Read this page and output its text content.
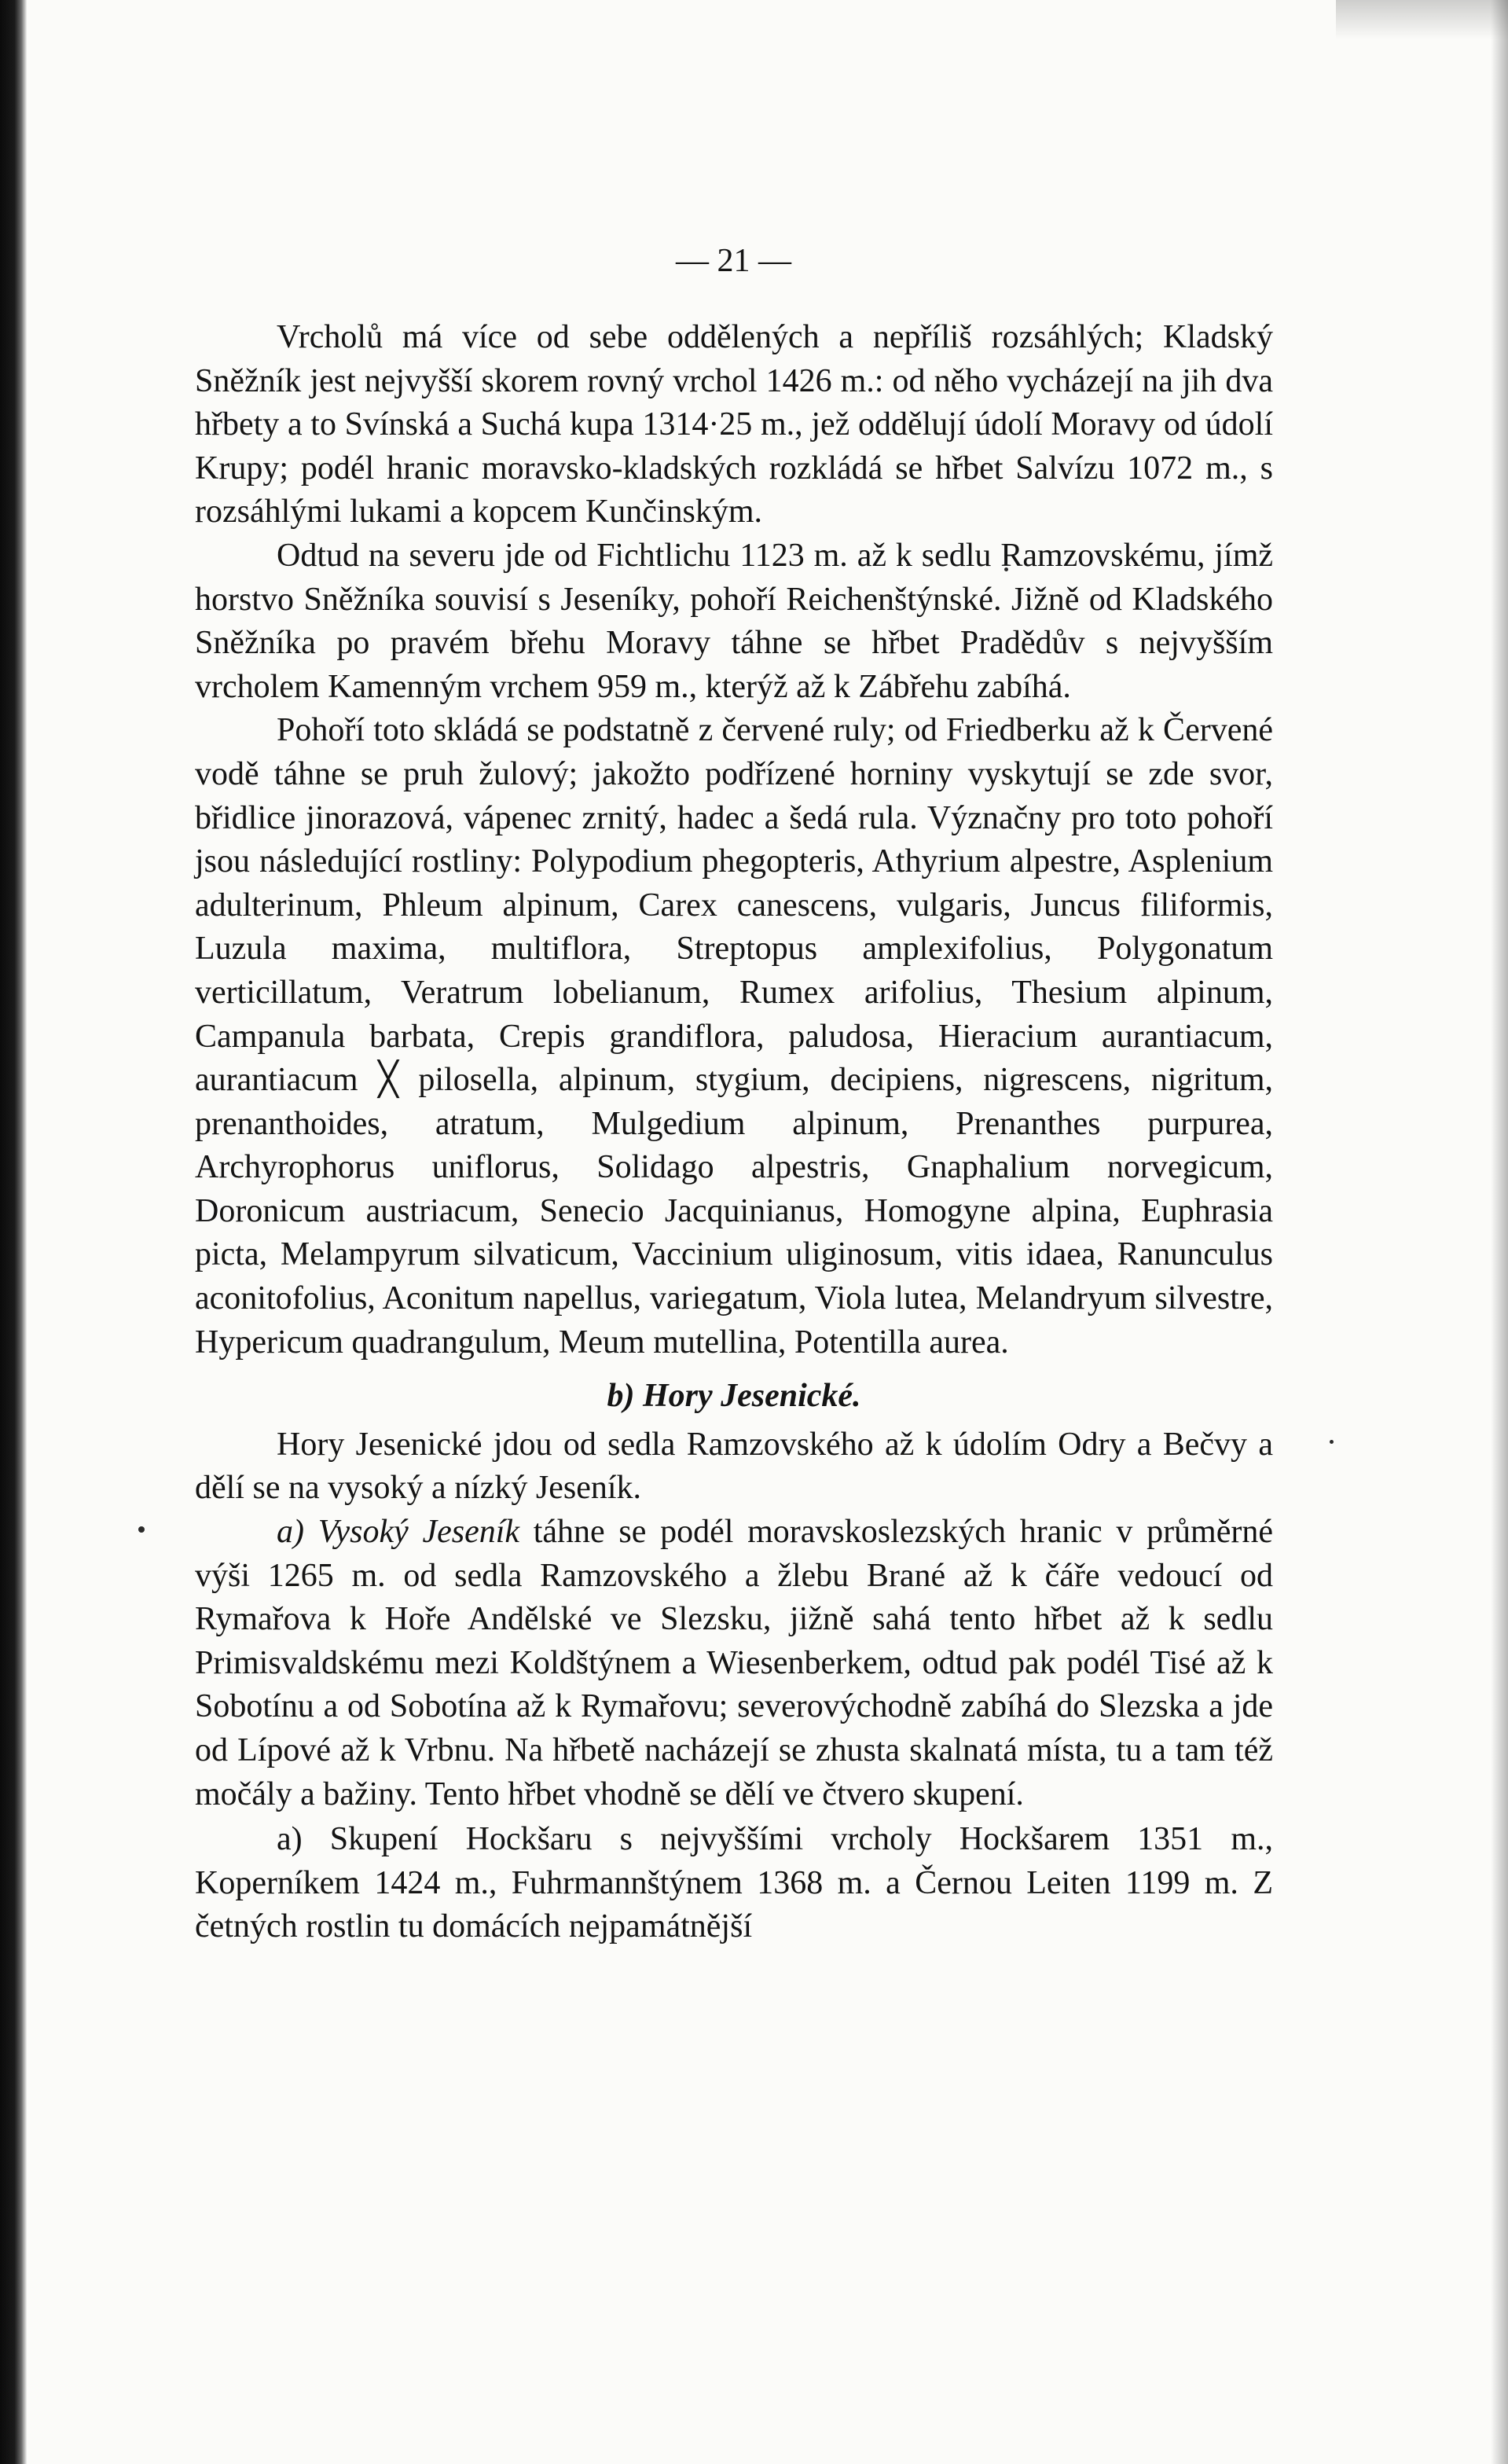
— 21 —

Vrcholů má více od sebe oddělených a nepříliš rozsáhlých; Kladský Sněžník jest nejvyšší skorem rovný vrchol 1426 m.: od něho vycházejí na jih dva hřbety a to Svínská a Suchá kupa 1314·25 m., jež oddělují údolí Moravy od údolí Krupy; podél hranic moravsko-kladských rozkládá se hřbet Salvízu 1072 m., s rozsáhlými lukami a kopcem Kunčinským.

Odtud na severu jde od Fichtlichu 1123 m. až k sedlu Ramzovskému, jímž horstvo Sněžníka souvisí s Jeseníky, pohoří Reichenštýnské. Jižně od Kladského Sněžníka po pravém břehu Moravy táhne se hřbet Pradědův s nejvyšším vrcholem Kamenným vrchem 959 m., kterýž až k Zábřehu zabíhá.

Pohoří toto skládá se podstatně z červené ruly; od Friedberku až k Červené vodě táhne se pruh žulový; jakožto podřízené horniny vyskytují se zde svor, břidlice jinorazová, vápenec zrnitý, hadec a šedá rula. Význačny pro toto pohoří jsou následující rostliny: Polypodium phegopteris, Athyrium alpestre, Asplenium adulterinum, Phleum alpinum, Carex canescens, vulgaris, Juncus filiformis, Luzula maxima, multiflora, Streptopus amplexifolius, Polygonatum verticillatum, Veratrum lobelianum, Rumex arifolius, Thesium alpinum, Campanula barbata, Crepis grandiflora, paludosa, Hieracium aurantiacum, aurantiacum ╳ pilosella, alpinum, stygium, decipiens, nigrescens, nigritum, prenanthoides, atratum, Mulgedium alpinum, Prenanthes purpurea, Archyrophorus uniflorus, Solidago alpestris, Gnaphalium norvegicum, Doronicum austriacum, Senecio Jacquinianus, Homogyne alpina, Euphrasia picta, Melampyrum silvaticum, Vaccinium uliginosum, vitis idaea, Ranunculus aconitofolius, Aconitum napellus, variegatum, Viola lutea, Melandryum silvestre, Hypericum quadrangulum, Meum mutellina, Potentilla aurea.

b) Hory Jesenické.

Hory Jesenické jdou od sedla Ramzovského až k údolím Odry a Bečvy a dělí se na vysoký a nízký Jeseník.

a) Vysoký Jeseník táhne se podél moravskoslezských hranic v průměrné výši 1265 m. od sedla Ramzovského a žlebu Brané až k čáře vedoucí od Rymařova k Hoře Andělské ve Slezsku, jižně sahá tento hřbet až k sedlu Primisvaldskému mezi Koldštýnem a Wiesenberkem, odtud pak podél Tisé až k Sobotínu a od Sobotína až k Rymařovu; severovýchodně zabíhá do Slezska a jde od Lípové až k Vrbnu. Na hřbetě nacházejí se zhusta skalnatá místa, tu a tam též močály a bažiny. Tento hřbet vhodně se dělí ve čtvero skupení.

a) Skupení Hockšaru s nejvyššími vrcholy Hockšarem 1351 m., Koperníkem 1424 m., Fuhrmannštýnem 1368 m. a Černou Leiten 1199 m. Z četných rostlin tu domácích nejpamátnější
